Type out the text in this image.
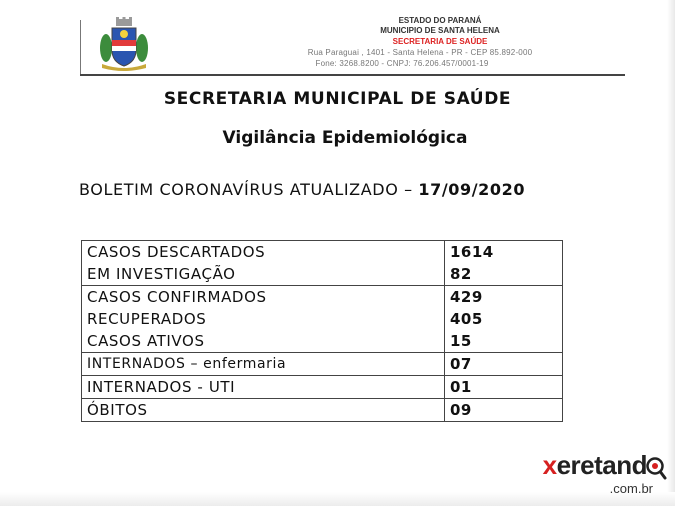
ESTADO DO PARANÁ
MUNICIPIO DE SANTA HELENA
SECRETARIA DE SAÚDE
Rua Paraguai , 1401 - Santa Helena - PR - CEP 85.892-000
Fone: 3268.8200 - CNPJ: 76.206.457/0001-19
SECRETARIA MUNICIPAL DE SAÚDE
Vigilância Epidemiológica
BOLETIM CORONAVÍRUS ATUALIZADO – 17/09/2020
CASOS DESCARTADOS	1614
EM INVESTIGAÇÃO	82
CASOS CONFIRMADOS	429
RECUPERADOS	405
CASOS ATIVOS	15
INTERNADOS – enfermaria	07
INTERNADOS - UTI	01
ÓBITOS	09
xeretand
.com.br
